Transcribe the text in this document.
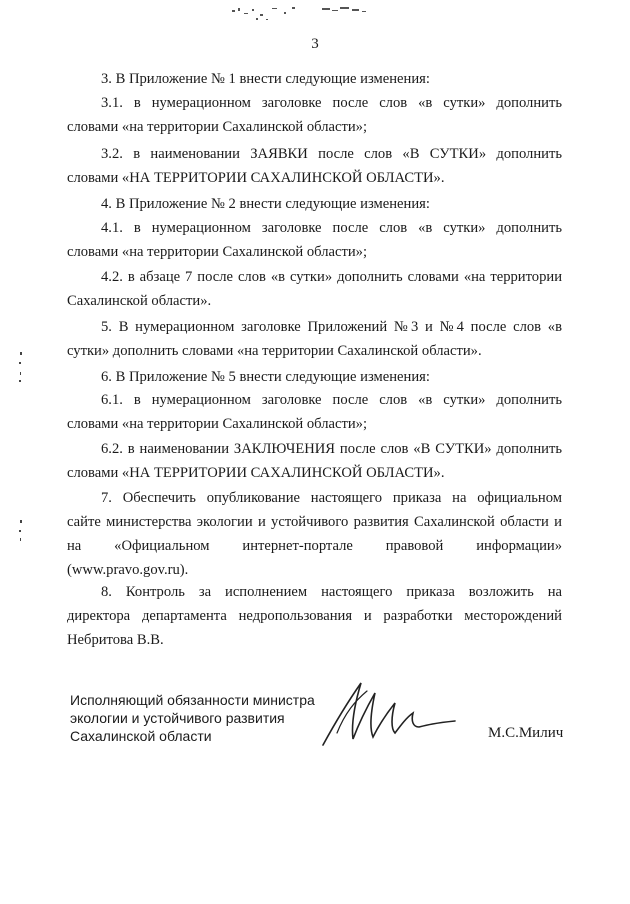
3
3. В Приложение № 1 внести следующие изменения:
3.1. в нумерационном заголовке после слов «в сутки» дополнить
словами «на территории Сахалинской области»;
3.2. в наименовании ЗАЯВКИ после слов «В СУТКИ» дополнить
словами «НА ТЕРРИТОРИИ САХАЛИНСКОЙ ОБЛАСТИ».
4. В Приложение № 2 внести следующие изменения:
4.1. в нумерационном заголовке после слов «в сутки» дополнить
словами «на территории Сахалинской области»;
4.2. в абзаце 7 после слов «в сутки» дополнить словами «на территории
Сахалинской области».
5. В нумерационном заголовке Приложений №3 и №4 после слов «в
сутки» дополнить словами «на территории Сахалинской области».
6. В Приложение № 5 внести следующие изменения:
6.1. в нумерационном заголовке после слов «в сутки» дополнить
словами «на территории Сахалинской области»;
6.2. в наименовании ЗАКЛЮЧЕНИЯ после слов «В СУТКИ» дополнить
словами «НА ТЕРРИТОРИИ САХАЛИНСКОЙ ОБЛАСТИ».
7. Обеспечить опубликование настоящего приказа на официальном
сайте министерства экологии и устойчивого развития Сахалинской области и
на «Официальном интернет-портале правовой информации»
(www.pravo.gov.ru).
8. Контроль за исполнением настоящего приказа возложить на
директора департамента недропользования и разработки месторождений
Небритова В.В.
Исполняющий обязанности министра
экологии и устойчивого развития
Сахалинской области	М.С.Милич
